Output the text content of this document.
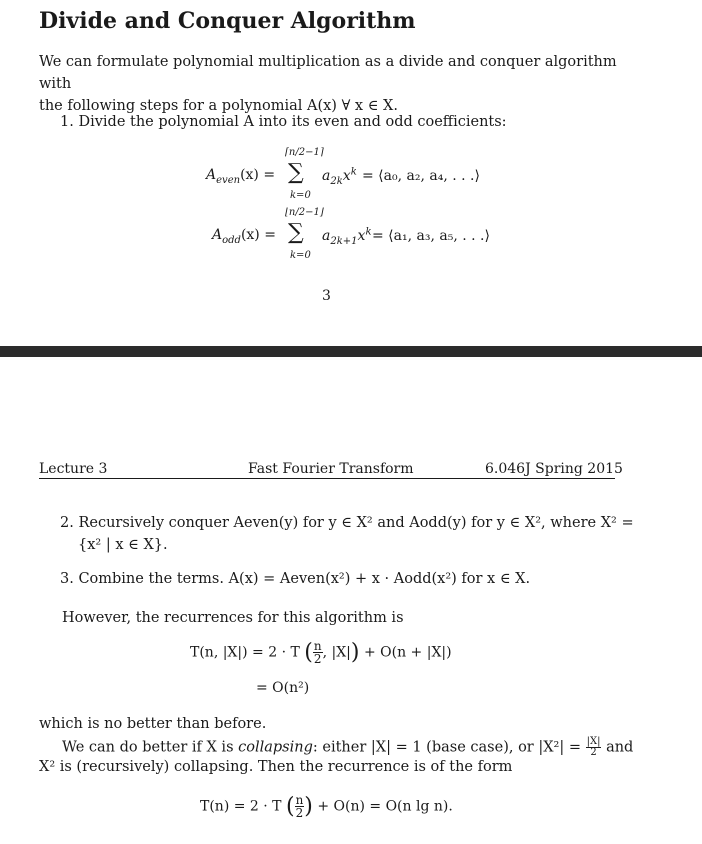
Divide and Conquer Algorithm
We can formulate polynomial multiplication as a divide and conquer algorithm with
the following steps for a polynomial A(x) ∀ x ∈ X.
1. Divide the polynomial A into its even and odd coefficients:
$A_{even}(x)$ =
⌈n/2−1⌉
∑
k=0
$a_{2k}x^k$ = ⟨a₀, a₂, a₄, . . .⟩
$A_{odd}(x)$ =
⌊n/2−1⌋
∑
k=0
$a_{2k+1}x^k$ = ⟨a₁, a₃, a₅, . . .⟩
3
Lecture 3	Fast Fourier Transform	6.046J Spring 2015
2. Recursively conquer Aeven(y) for y ∈ X² and Aodd(y) for y ∈ X², where X² =
{x² | x ∈ X}.
3. Combine the terms. A(x) = Aeven(x²) + x · Aodd(x²) for x ∈ X.
However, the recurrences for this algorithm is
T(n, |X|) = 2 · T ( $\frac{n}{2}$ , |X|) + O(n + |X|)
= O(n²)
which is no better than before.
We can do better if X is collapsing: either |X| = 1 (base case), or $|X^2| = \frac{|X|}{2}$ and
X² is (recursively) collapsing. Then the recurrence is of the form
T(n) = 2 · T ( $\frac{n}{2}$ ) + O(n) = O(n lg n).
